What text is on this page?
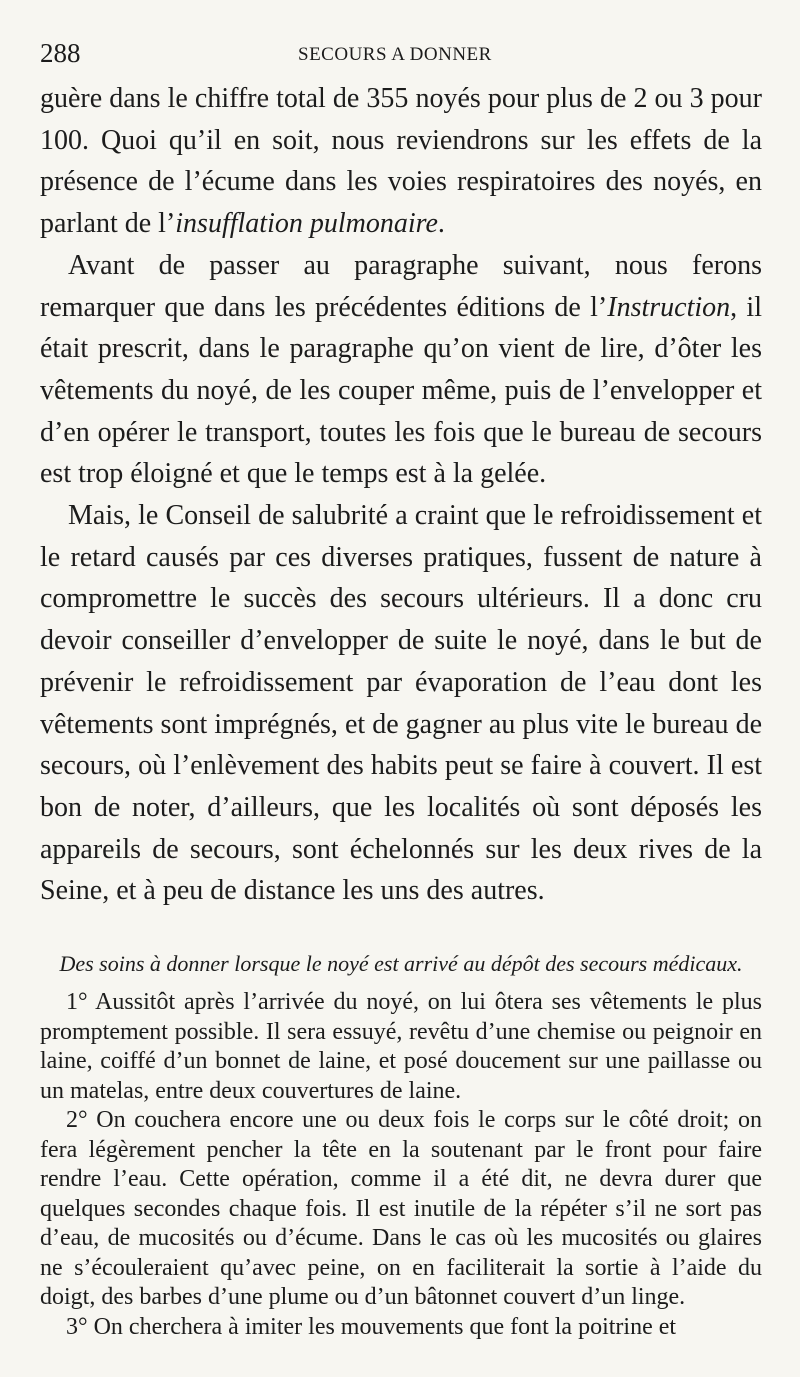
288	SECOURS A DONNER

guère dans le chiffre total de 355 noyés pour plus de 2 ou 3 pour 100. Quoi qu’il en soit, nous reviendrons sur les effets de la présence de l’écume dans les voies respiratoires des noyés, en parlant de l’insufflation pulmonaire.

Avant de passer au paragraphe suivant, nous ferons remarquer que dans les précédentes éditions de l’Instruction, il était prescrit, dans le paragraphe qu’on vient de lire, d’ôter les vêtements du noyé, de les couper même, puis de l’envelopper et d’en opérer le transport, toutes les fois que le bureau de secours est trop éloigné et que le temps est à la gelée.

Mais, le Conseil de salubrité a craint que le refroidissement et le retard causés par ces diverses pratiques, fussent de nature à compromettre le succès des secours ultérieurs. Il a donc cru devoir conseiller d’envelopper de suite le noyé, dans le but de prévenir le refroidissement par évaporation de l’eau dont les vêtements sont imprégnés, et de gagner au plus vite le bureau de secours, où l’enlèvement des habits peut se faire à couvert. Il est bon de noter, d’ailleurs, que les localités où sont déposés les appareils de secours, sont échelonnés sur les deux rives de la Seine, et à peu de distance les uns des autres.

Des soins à donner lorsque le noyé est arrivé au dépôt des secours médicaux.

1° Aussitôt après l’arrivée du noyé, on lui ôtera ses vêtements le plus promptement possible. Il sera essuyé, revêtu d’une chemise ou peignoir en laine, coiffé d’un bonnet de laine, et posé doucement sur une paillasse ou un matelas, entre deux couvertures de laine.

2° On couchera encore une ou deux fois le corps sur le côté droit; on fera légèrement pencher la tête en la soutenant par le front pour faire rendre l’eau. Cette opération, comme il a été dit, ne devra durer que quelques secondes chaque fois. Il est inutile de la répéter s’il ne sort pas d’eau, de mucosités ou d’écume. Dans le cas où les mucosités ou glaires ne s’écouleraient qu’avec peine, on en faciliterait la sortie à l’aide du doigt, des barbes d’une plume ou d’un bâtonnet couvert d’un linge.

3° On cherchera à imiter les mouvements que font la poitrine et
